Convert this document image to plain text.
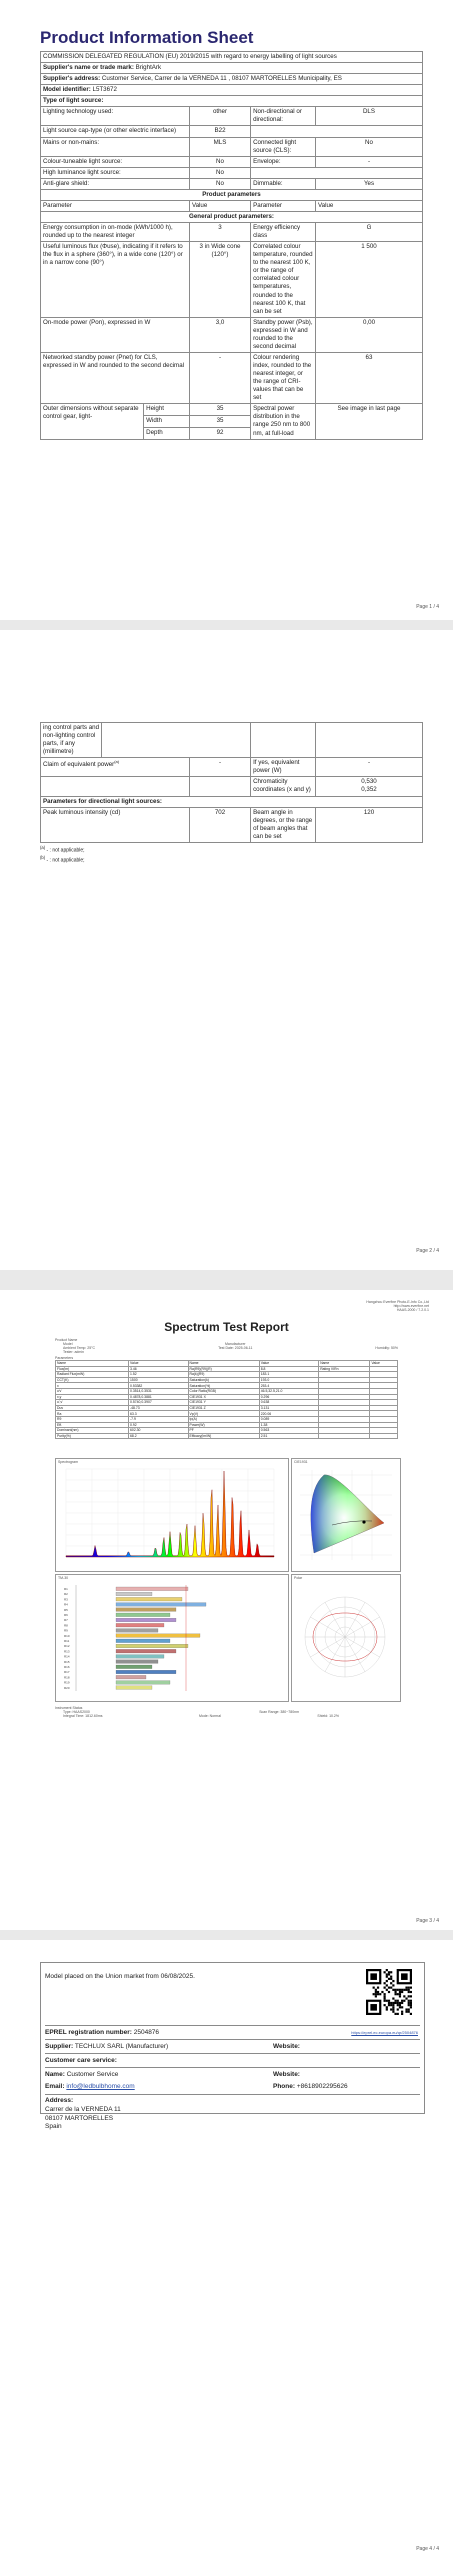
Product Information Sheet
COMMISSION DELEGATED REGULATION (EU) 2019/2015 with regard to energy labelling of light sources				
Supplier's name or trade mark: BrightArk				
Supplier's address: Customer Service, Carrer de la VERNEDA 11 , 08107 MARTORELLES Municipality, ES				
Model identifier: L5T3672				
Type of light source:				
Lighting technology used:		other	Non-directional or directional:	DLS
Light source cap-type (or other electric interface)		B22		
Mains or non-mains:		MLS	Connected light source (CLS):	No
Colour-tuneable light source:		No	Envelope:	-
High luminance light source:		No		
Anti-glare shield:		No	Dimmable:	Yes
Product parameters				
Parameter		Value	Parameter	Value
General product parameters:				
Energy consumption in on-mode (kWh/1000 h), rounded up to the nearest integer		3	Energy efficiency class	G
Useful luminous flux (Φuse), indicating if it refers to the flux in a sphere (360°), in a wide cone (120°) or in a narrow cone (90°)		3 in Wide cone (120°)	Correlated colour temperature, rounded to the nearest 100 K, or the range of correlated colour temperatures, rounded to the nearest 100 K, that can be set	1 500
On-mode power (Pon), expressed in W		3,0	Standby power (Psb), expressed in W and rounded to the second decimal	0,00
Networked standby power (Pnet) for CLS, expressed in W and rounded to the second decimal		-	Colour rendering index, rounded to the nearest integer, or the range of CRI-values that can be set	63

Outer dimensions without separate control gear, light-	Height	35	Spectral power distribution in the range 250 nm to 800 nm, at full-load	See image in last page
	Width	35		
	Depth	92		
Page 1 / 4
ing control parts and non-lighting control parts, if any (millimetre)				
Claim of equivalent power$^{(a)}$		-	If yes, equivalent power (W)	-
			Chromaticity coordinates (x and y)	0,530
0,352

Parameters for directional light sources:				
Peak luminous intensity (cd)		702	Beam angle in degrees, or the range of beam angles that can be set	120
$^{(a)}$ - : not applicable;
$^{(b)}$ - : not applicable;
Page 2 / 4
Hangzhou Everfine Photo-E-Info Co.,Ltd
http://www.everfine.net
HAAS-2000 / 7.2.0.1
Spectrum Test Report
Product Name
Model	Manufacturer
Ambient Temp: 25°C	Test Date: 2025-06-11	Humidity: 50%
Tester: admin
Parameters
Name	Value	Name	Value	Name	Value
Flux(lm)	3.46	Ra(R9)(R9)(R)	8.8	Rating VIRn	
Radiant Flux(mW)	1.52	Ra(k)(R9)	183.1		
CCT(K)	1500	Saturation(k)	193.0		
x	0.53382	Saturation(%)	253.4		
u'v'	0.3514,0.3531	Color Ratio(RGB)	46.5,32.5,21.0		
x,y	0.4878,0.3881	CIE1931 X	0.296		
u',v'	0.5740,0.3907	CIE1931 Y	0.638		
Duv	-48.73	CIE1931 Z	3.131		
Ra	63.3	Vp(V)	220.06		
R9	-7.9	Ip(A)	0.089		
Eff.	0.92	Power(W)	1.38		
Dominant(nm)	602.30	PF	0.563		
Purity(%)	68.2	Efficacy(lm/W)	2.51		
Spectrogram	CIE1931
TM-30
R1
R2
R3
R4
R5
R6
R7
R8
R9
R10
R11
R12
R13
R14
R15
R16
R17
R18
R19
R20
Polar
Instrument Status
Type: HAAS2000	Scan Range: 380~780nm
Integral Time: 1812.60ms	Mode: Normal	Shield: 10.2%
Page 3 / 4
Model placed on the Union market from 06/08/2025.
EPREL registration number: 2504876	https://eprel.ec.europa.eu/qr/2504876
Supplier: TECHLUX SARL (Manufacturer)	Website:
Customer care service:
Name: Customer Service	Website:
Email: info@ledbulbhome.com	Phone: +8618902295626
Address:
Carrer de la VERNEDA 11
08107 MARTORELLES
Spain
Page 4 / 4
